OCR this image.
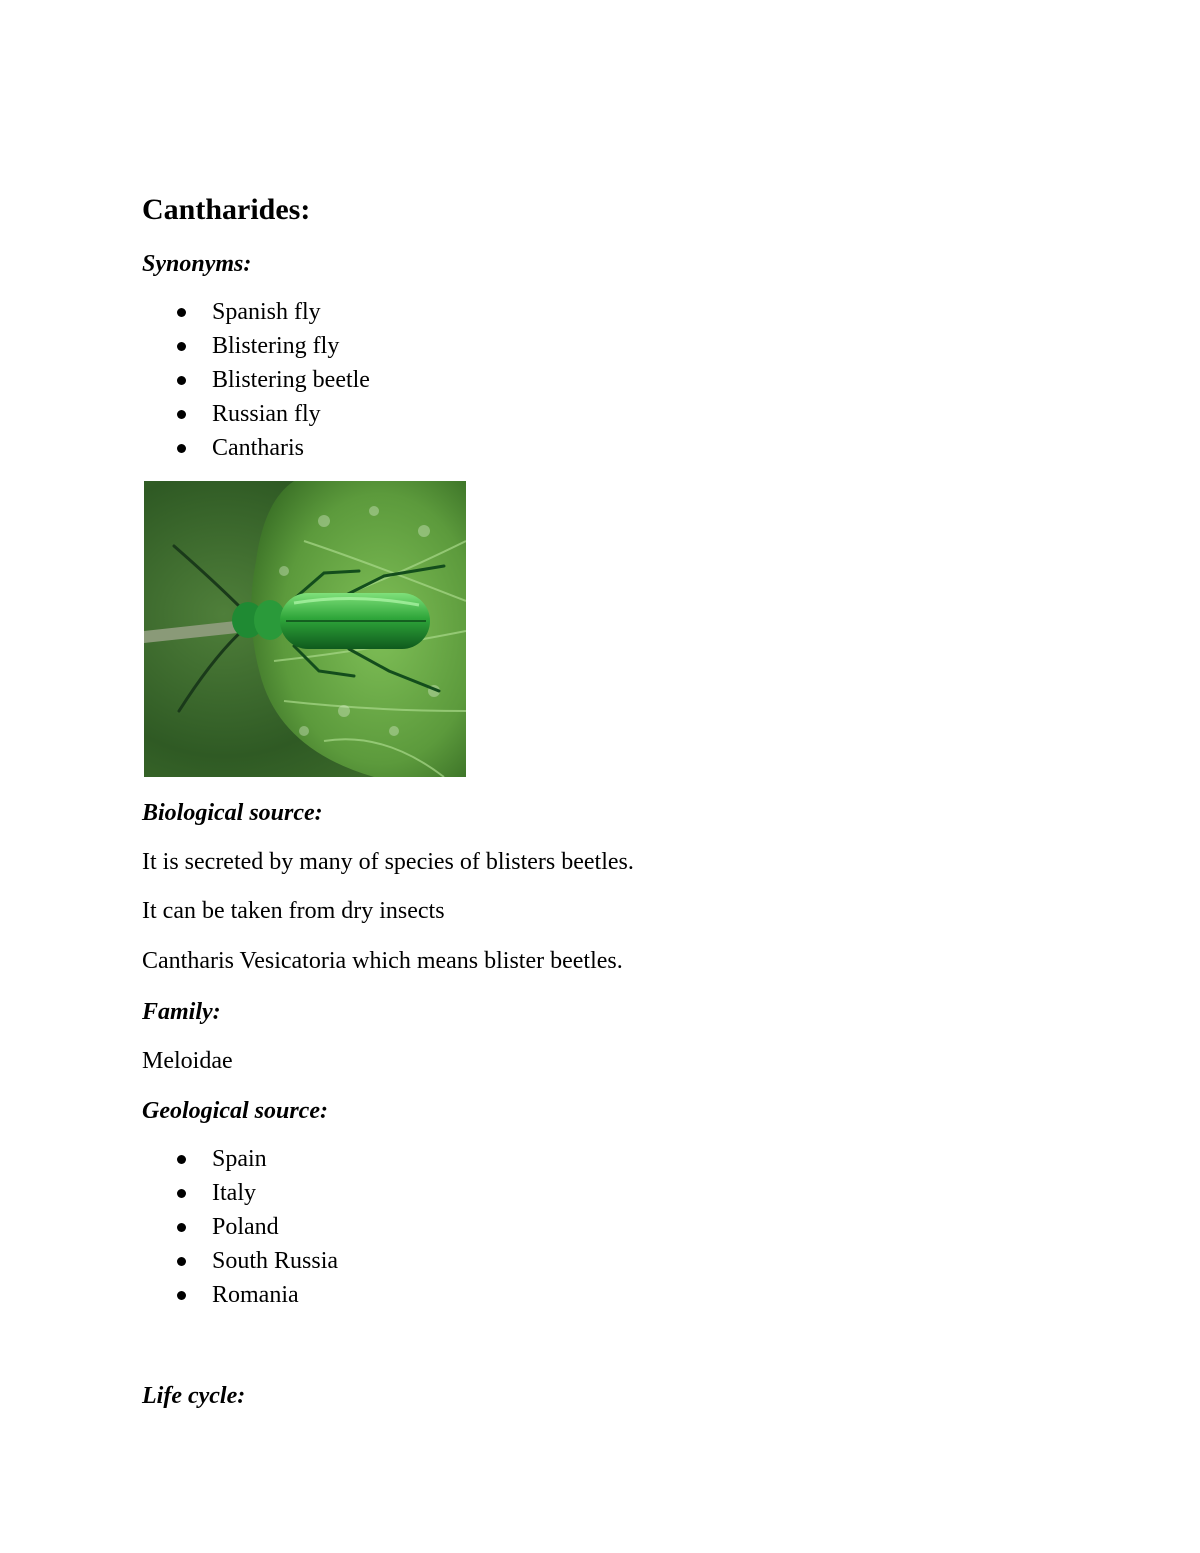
Cantharides:
Synonyms:
Spanish fly
Blistering fly
Blistering beetle
Russian fly
Cantharis
Biological source:

It is secreted by many of species of blisters beetles.

It can be taken from dry insects

Cantharis Vesicatoria which means blister beetles.

Family:

Meloidae

Geological source:
Spain
Italy
Poland
South Russia
Romania
Life cycle:
